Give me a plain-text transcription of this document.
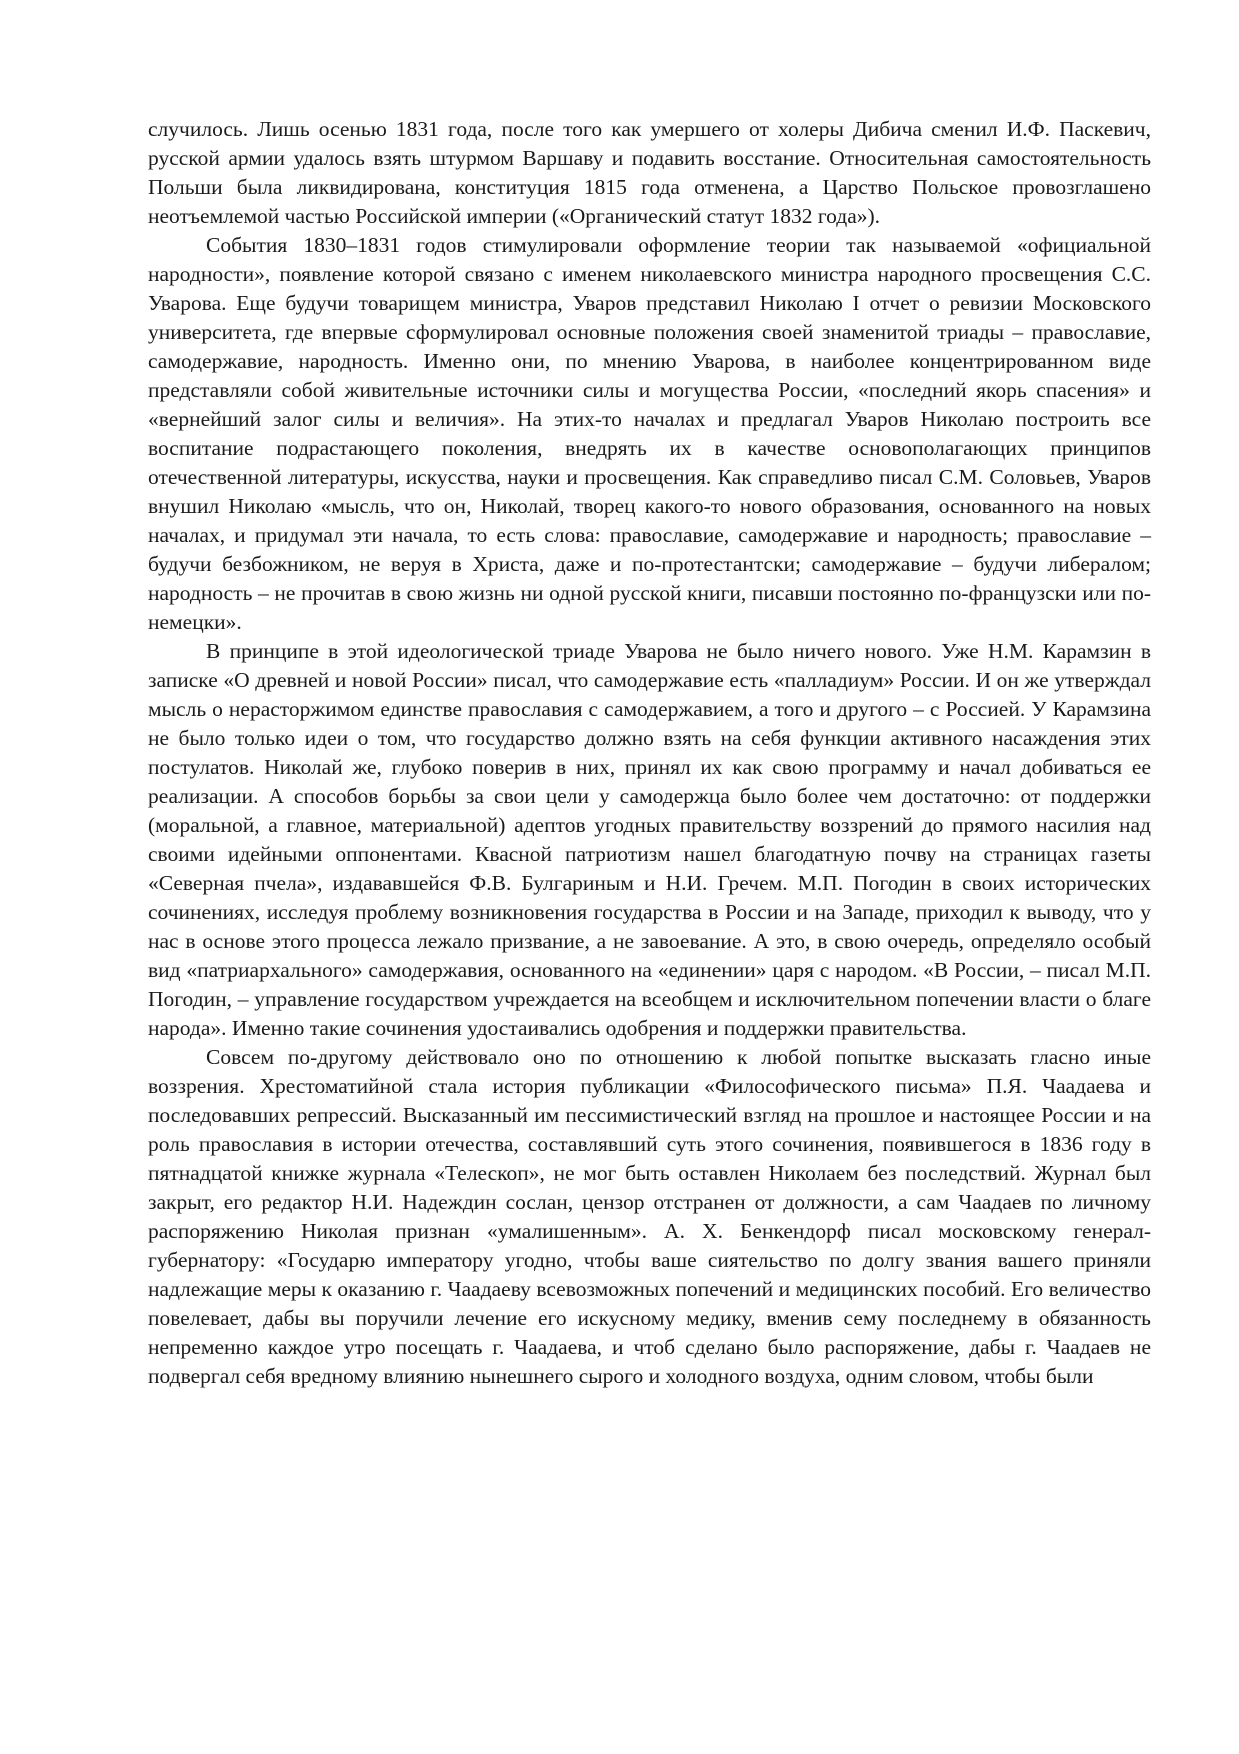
случилось. Лишь осенью 1831 года, после того как умершего от холеры Дибича сменил И.Ф. Паскевич, русской армии удалось взять штурмом Варшаву и подавить восстание. Относительная самостоятельность Польши была ликвидирована, конституция 1815 года отменена, а Царство Польское провозглашено неотъемлемой частью Российской империи («Органический статут 1832 года»).

События 1830–1831 годов стимулировали оформление теории так называемой «официальной народности», появление которой связано с именем николаевского министра народного просвещения С.С. Уварова. Еще будучи товарищем министра, Уваров представил Николаю I отчет о ревизии Московского университета, где впервые сформулировал основные положения своей знаменитой триады – православие, самодержавие, народность. Именно они, по мнению Уварова, в наиболее концентрированном виде представляли собой живительные источники силы и могущества России, «последний якорь спасения» и «вернейший залог силы и величия». На этих-то началах и предлагал Уваров Николаю построить все воспитание подрастающего поколения, внедрять их в качестве основополагающих принципов отечественной литературы, искусства, науки и просвещения. Как справедливо писал С.М. Соловьев, Уваров внушил Николаю «мысль, что он, Николай, творец какого-то нового образования, основанного на новых началах, и придумал эти начала, то есть слова: православие, самодержавие и народность; православие – будучи безбожником, не веруя в Христа, даже и по-протестантски; самодержавие – будучи либералом; народность – не прочитав в свою жизнь ни одной русской книги, писавши постоянно по-французски или по-немецки».

В принципе в этой идеологической триаде Уварова не было ничего нового. Уже Н.М. Карамзин в записке «О древней и новой России» писал, что самодержавие есть «палладиум» России. И он же утверждал мысль о нерасторжимом единстве православия с самодержавием, а того и другого – с Россией. У Карамзина не было только идеи о том, что государство должно взять на себя функции активного насаждения этих постулатов. Николай же, глубоко поверив в них, принял их как свою программу и начал добиваться ее реализации. А способов борьбы за свои цели у самодержца было более чем достаточно: от поддержки (моральной, а главное, материальной) адептов угодных правительству воззрений до прямого насилия над своими идейными оппонентами. Квасной патриотизм нашел благодатную почву на страницах газеты «Северная пчела», издававшейся Ф.В. Булгариным и Н.И. Гречем. М.П. Погодин в своих исторических сочинениях, исследуя проблему возникновения государства в России и на Западе, приходил к выводу, что у нас в основе этого процесса лежало призвание, а не завоевание. А это, в свою очередь, определяло особый вид «патриархального» самодержавия, основанного на «единении» царя с народом. «В России, – писал М.П. Погодин, – управление государством учреждается на всеобщем и исключительном попечении власти о благе народа». Именно такие сочинения удостаивались одобрения и поддержки правительства.

Совсем по-другому действовало оно по отношению к любой попытке высказать гласно иные воззрения. Хрестоматийной стала история публикации «Философического письма» П.Я. Чаадаева и последовавших репрессий. Высказанный им пессимистический взгляд на прошлое и настоящее России и на роль православия в истории отечества, составлявший суть этого сочинения, появившегося в 1836 году в пятнадцатой книжке журнала «Телескоп», не мог быть оставлен Николаем без последствий. Журнал был закрыт, его редактор Н.И. Надеждин сослан, цензор отстранен от должности, а сам Чаадаев по личному распоряжению Николая признан «умалишенным». А. Х. Бенкендорф писал московскому генерал-губернатору: «Государю императору угодно, чтобы ваше сиятельство по долгу звания вашего приняли надлежащие меры к оказанию г. Чаадаеву всевозможных попечений и медицинских пособий. Его величество повелевает, дабы вы поручили лечение его искусному медику, вменив сему последнему в обязанность непременно каждое утро посещать г. Чаадаева, и чтоб сделано было распоряжение, дабы г. Чаадаев не подвергал себя вредному влиянию нынешнего сырого и холодного воздуха, одним словом, чтобы были
